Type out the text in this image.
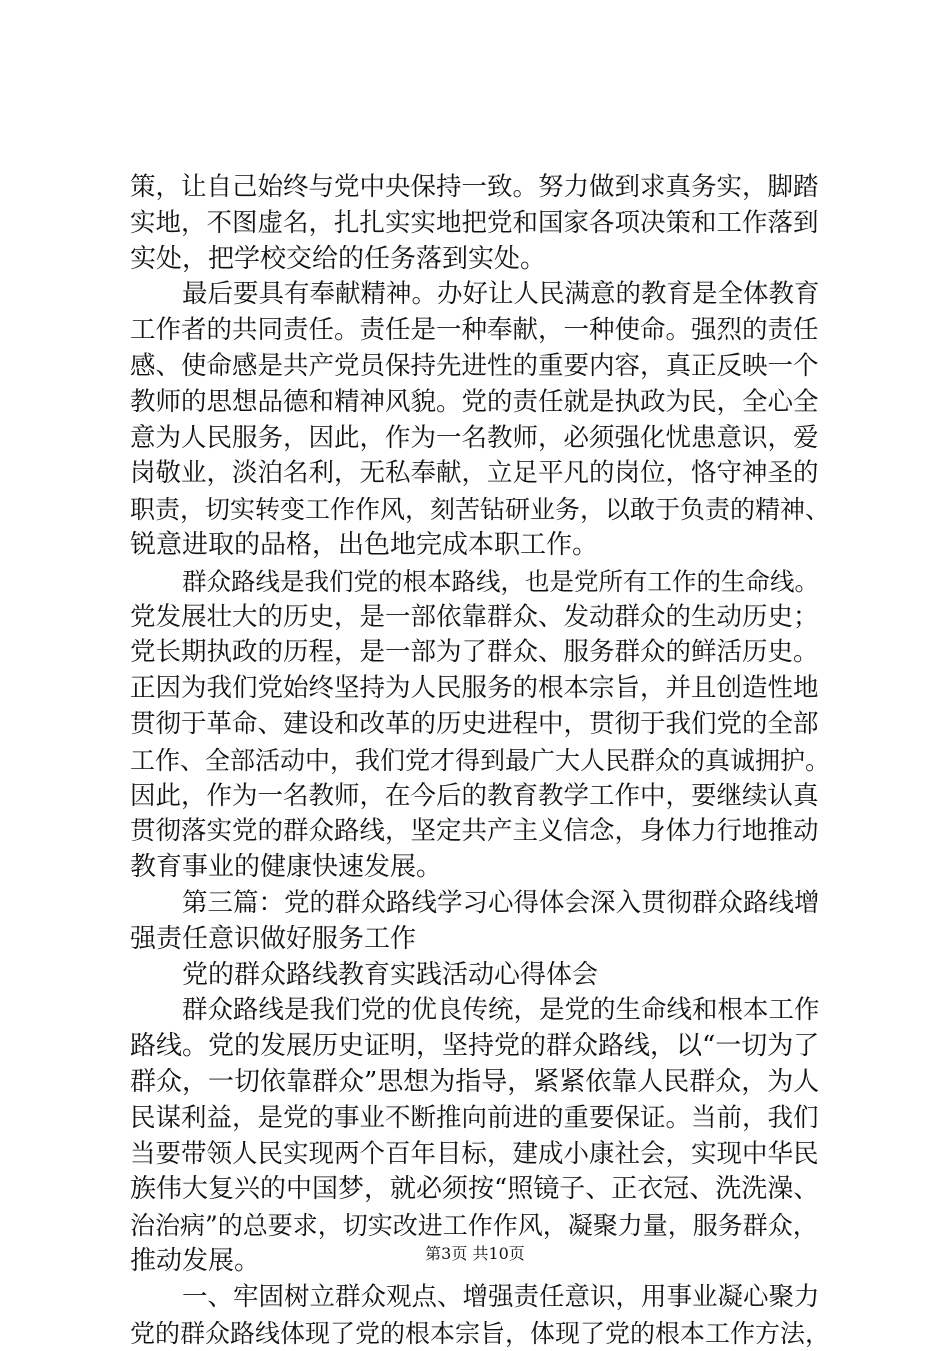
策，让自己始终与党中央保持一致。努力做到求真务实，脚踏
实地，不图虚名，扎扎实实地把党和国家各项决策和工作落到
实处，把学校交给的任务落到实处。
最后要具有奉献精神。办好让人民满意的教育是全体教育
工作者的共同责任。责任是一种奉献，一种使命。强烈的责任
感、使命感是共产党员保持先进性的重要内容，真正反映一个
教师的思想品德和精神风貌。党的责任就是执政为民，全心全
意为人民服务，因此，作为一名教师，必须强化忧患意识，爱
岗敬业，淡泊名利，无私奉献，立足平凡的岗位，恪守神圣的
职责，切实转变工作作风，刻苦钻研业务，以敢于负责的精神、
锐意进取的品格，出色地完成本职工作。
群众路线是我们党的根本路线，也是党所有工作的生命线。
党发展壮大的历史，是一部依靠群众、发动群众的生动历史；
党长期执政的历程，是一部为了群众、服务群众的鲜活历史。
正因为我们党始终坚持为人民服务的根本宗旨，并且创造性地
贯彻于革命、建设和改革的历史进程中，贯彻于我们党的全部
工作、全部活动中，我们党才得到最广大人民群众的真诚拥护。
因此，作为一名教师，在今后的教育教学工作中，要继续认真
贯彻落实党的群众路线，坚定共产主义信念，身体力行地推动
教育事业的健康快速发展。
第三篇：党的群众路线学习心得体会深入贯彻群众路线增
强责任意识做好服务工作
党的群众路线教育实践活动心得体会
群众路线是我们党的优良传统，是党的生命线和根本工作
路线。党的发展历史证明，坚持党的群众路线，以“一切为了
群众，一切依靠群众”思想为指导，紧紧依靠人民群众，为人
民谋利益，是党的事业不断推向前进的重要保证。当前，我们
当要带领人民实现两个百年目标，建成小康社会，实现中华民
族伟大复兴的中国梦，就必须按“照镜子、正衣冠、洗洗澡、
治治病”的总要求，切实改进工作作风，凝聚力量，服务群众，
推动发展。
一、牢固树立群众观点、增强责任意识，用事业凝心聚力
党的群众路线体现了党的根本宗旨，体现了党的根本工作方法，
第3页 共10页
